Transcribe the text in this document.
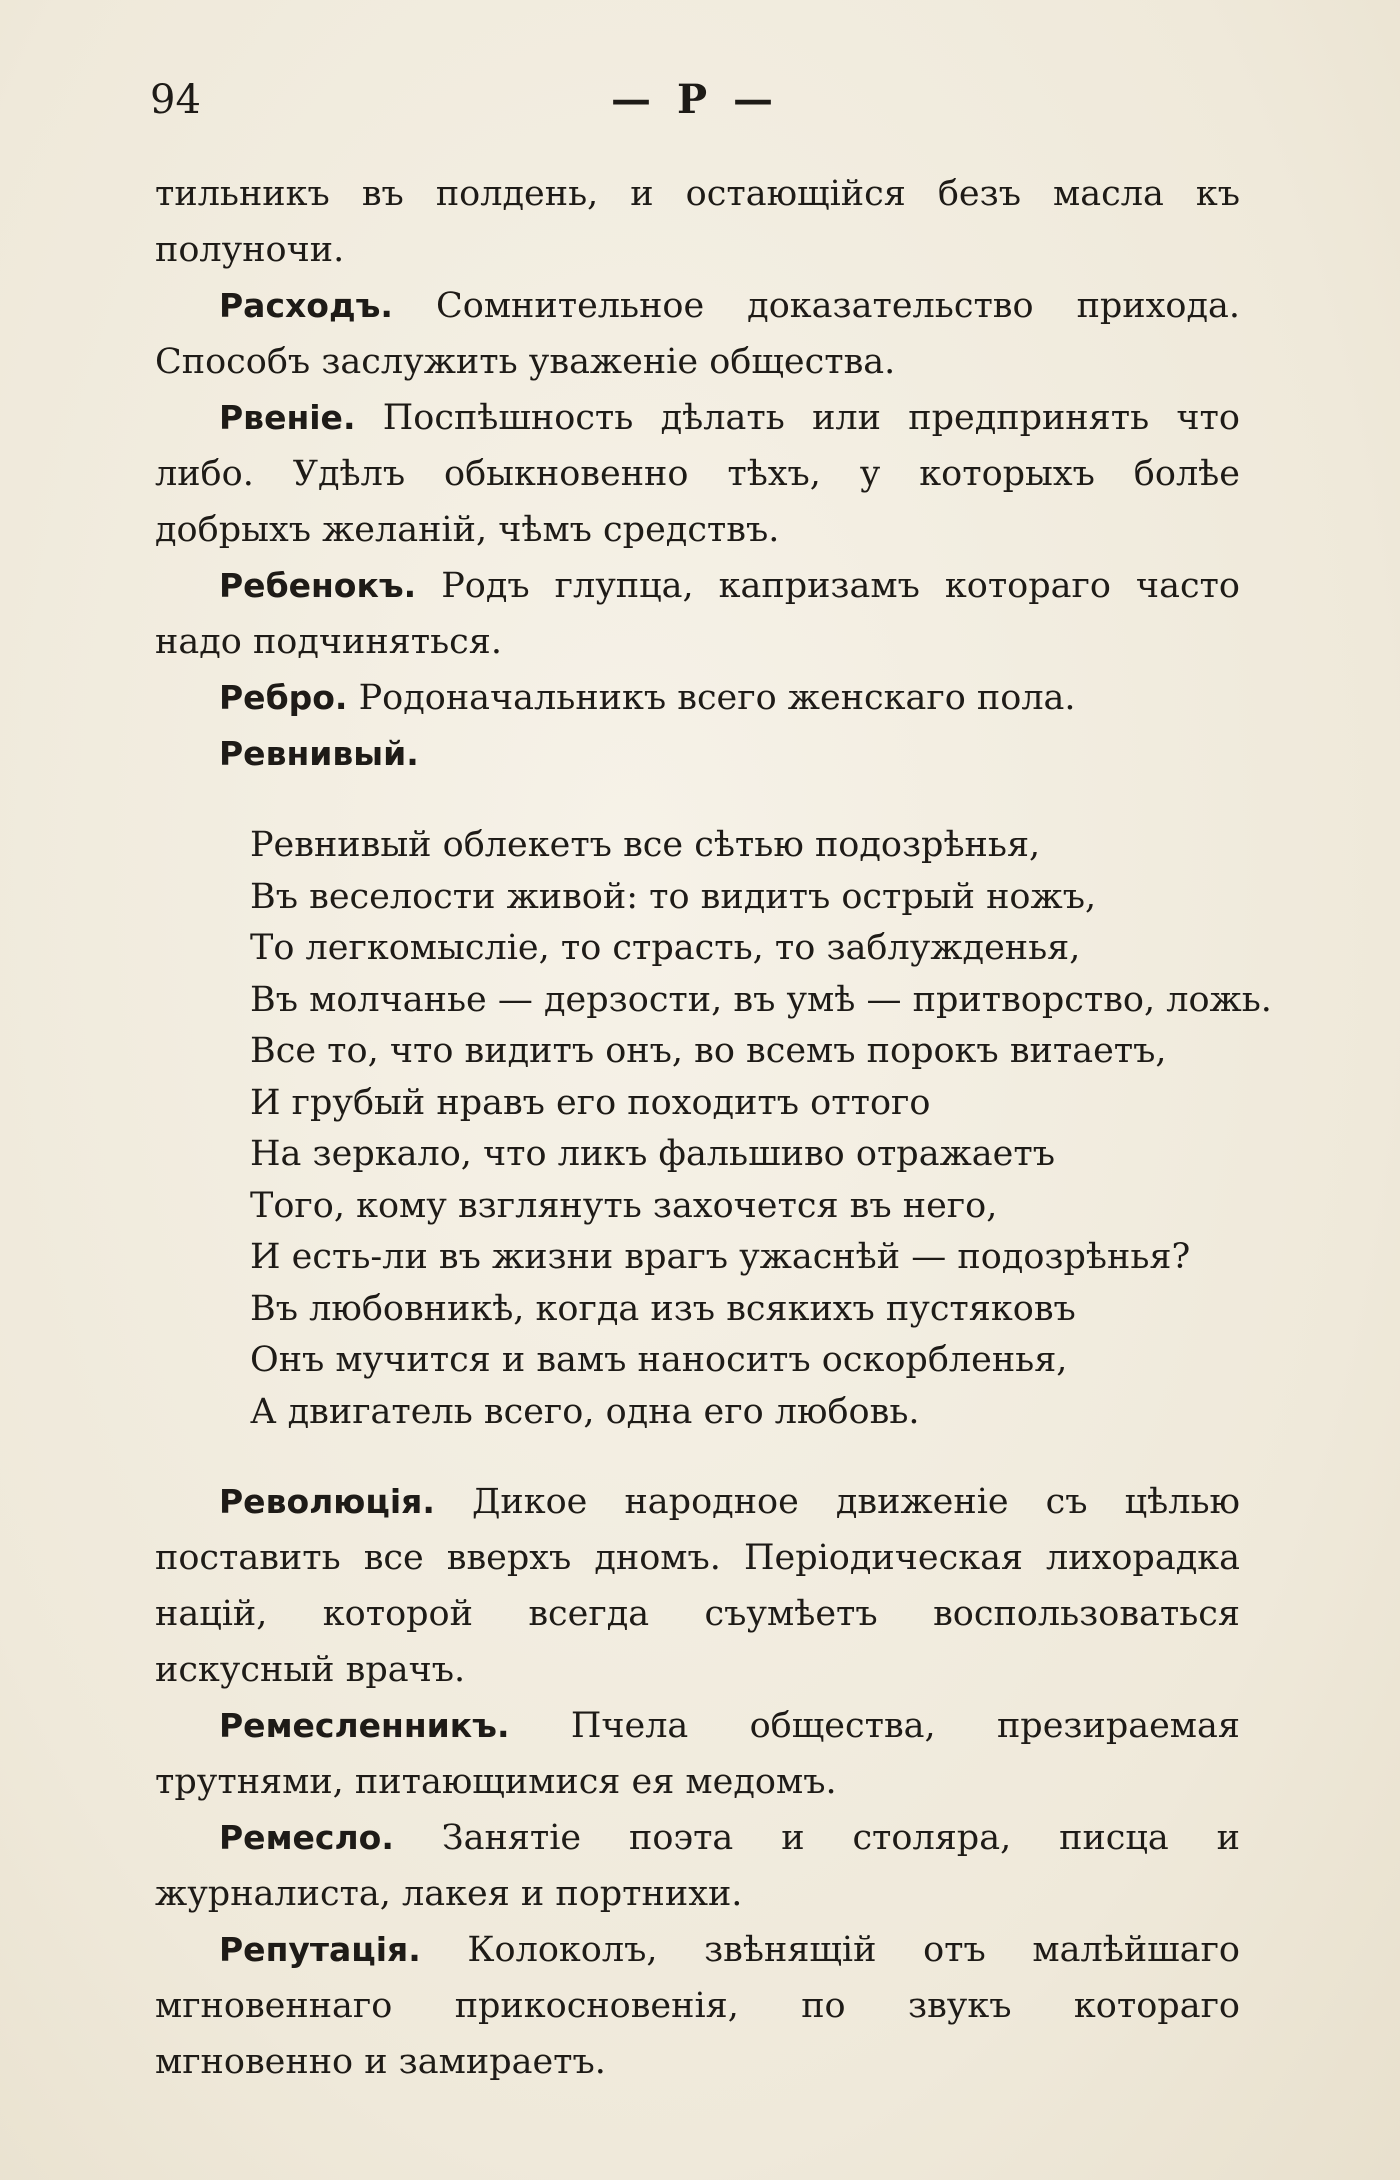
94	— Р —

тильникъ въ полдень, и остающійся безъ масла къ полуночи.

Расходъ. Сомнительное доказательство прихода. Способъ заслужить уваженіе общества.

Рвеніе. Поспѣшность дѣлать или предпринять что либо. Удѣлъ обыкновенно тѣхъ, у которыхъ болѣе добрыхъ желаній, чѣмъ средствъ.

Ребенокъ. Родъ глупца, капризамъ котораго часто надо подчиняться.

Ребро. Родоначальникъ всего женскаго пола.

Ревнивый.

Ревнивый облекетъ все сѣтью подозрѣнья,
Въ веселости живой: то видитъ острый ножъ,
То легкомысліе, то страсть, то заблужденья,
Въ молчанье — дерзости, въ умѣ — притворство, ложь.
Все то, что видитъ онъ, во всемъ порокъ витаетъ,
И грубый нравъ его походитъ оттого
На зеркало, что ликъ фальшиво отражаетъ
Того, кому взглянуть захочется въ него,
И есть-ли въ жизни врагъ ужаснѣй — подозрѣнья?
Въ любовникѣ, когда изъ всякихъ пустяковъ
Онъ мучится и вамъ наноситъ оскорбленья,
А двигатель всего, одна его любовь.

Революція. Дикое народное движеніе съ цѣлью поставить все вверхъ дномъ. Періодическая лихорадка націй, которой всегда съумѣетъ воспользоваться искусный врачъ.

Ремесленникъ. Пчела общества, презираемая трутнями, питающимися ея медомъ.

Ремесло. Занятіе поэта и столяра, писца и журналиста, лакея и портнихи.

Репутація. Колоколъ, звѣнящій отъ малѣйшаго мгновеннаго прикосновенія, по звукъ котораго мгновенно и замираетъ.
